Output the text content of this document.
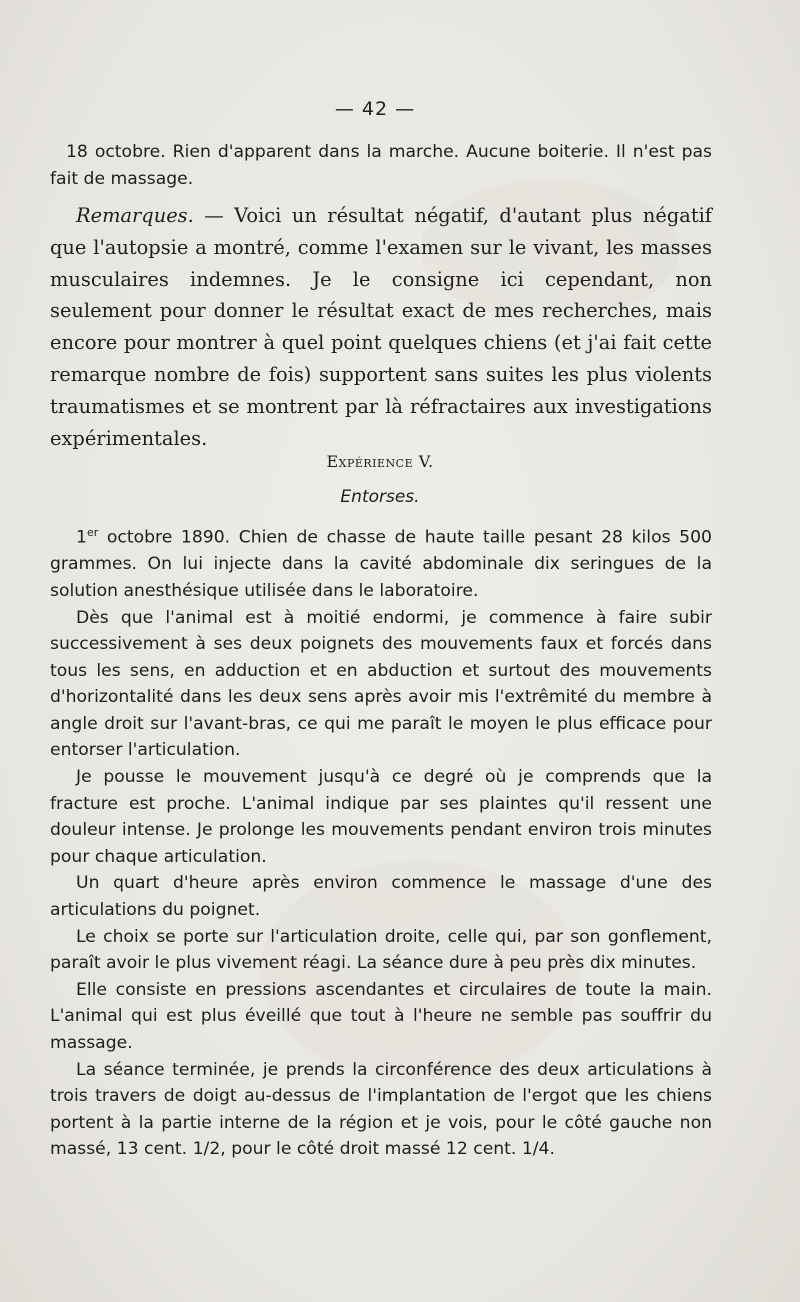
— 42 —

18 octobre. Rien d'apparent dans la marche. Aucune boiterie. Il n'est pas fait de massage.

Remarques. — Voici un résultat négatif, d'autant plus négatif que l'autopsie a montré, comme l'examen sur le vivant, les masses musculaires indemnes. Je le consigne ici cependant, non seulement pour donner le résultat exact de mes recherches, mais encore pour montrer à quel point quelques chiens (et j'ai fait cette remarque nombre de fois) supportent sans suites les plus violents traumatismes et se montrent par là réfractaires aux investigations expérimentales.

Expérience V.
Entorses.

1er octobre 1890. Chien de chasse de haute taille pesant 28 kilos 500 grammes. On lui injecte dans la cavité abdominale dix seringues de la solution anesthésique utilisée dans le laboratoire.

Dès que l'animal est à moitié endormi, je commence à faire subir successivement à ses deux poignets des mouvements faux et forcés dans tous les sens, en adduction et en abduction et surtout des mouvements d'horizontalité dans les deux sens après avoir mis l'extrêmité du membre à angle droit sur l'avant-bras, ce qui me paraît le moyen le plus efficace pour entorser l'articulation.

Je pousse le mouvement jusqu'à ce degré où je comprends que la fracture est proche. L'animal indique par ses plaintes qu'il ressent une douleur intense. Je prolonge les mouvements pendant environ trois minutes pour chaque articulation.

Un quart d'heure après environ commence le massage d'une des articulations du poignet.

Le choix se porte sur l'articulation droite, celle qui, par son gonflement, paraît avoir le plus vivement réagi. La séance dure à peu près dix minutes.

Elle consiste en pressions ascendantes et circulaires de toute la main. L'animal qui est plus éveillé que tout à l'heure ne semble pas souffrir du massage.

La séance terminée, je prends la circonférence des deux articulations à trois travers de doigt au-dessus de l'implantation de l'ergot que les chiens portent à la partie interne de la région et je vois, pour le côté gauche non massé, 13 cent. 1/2, pour le côté droit massé 12 cent. 1/4.
